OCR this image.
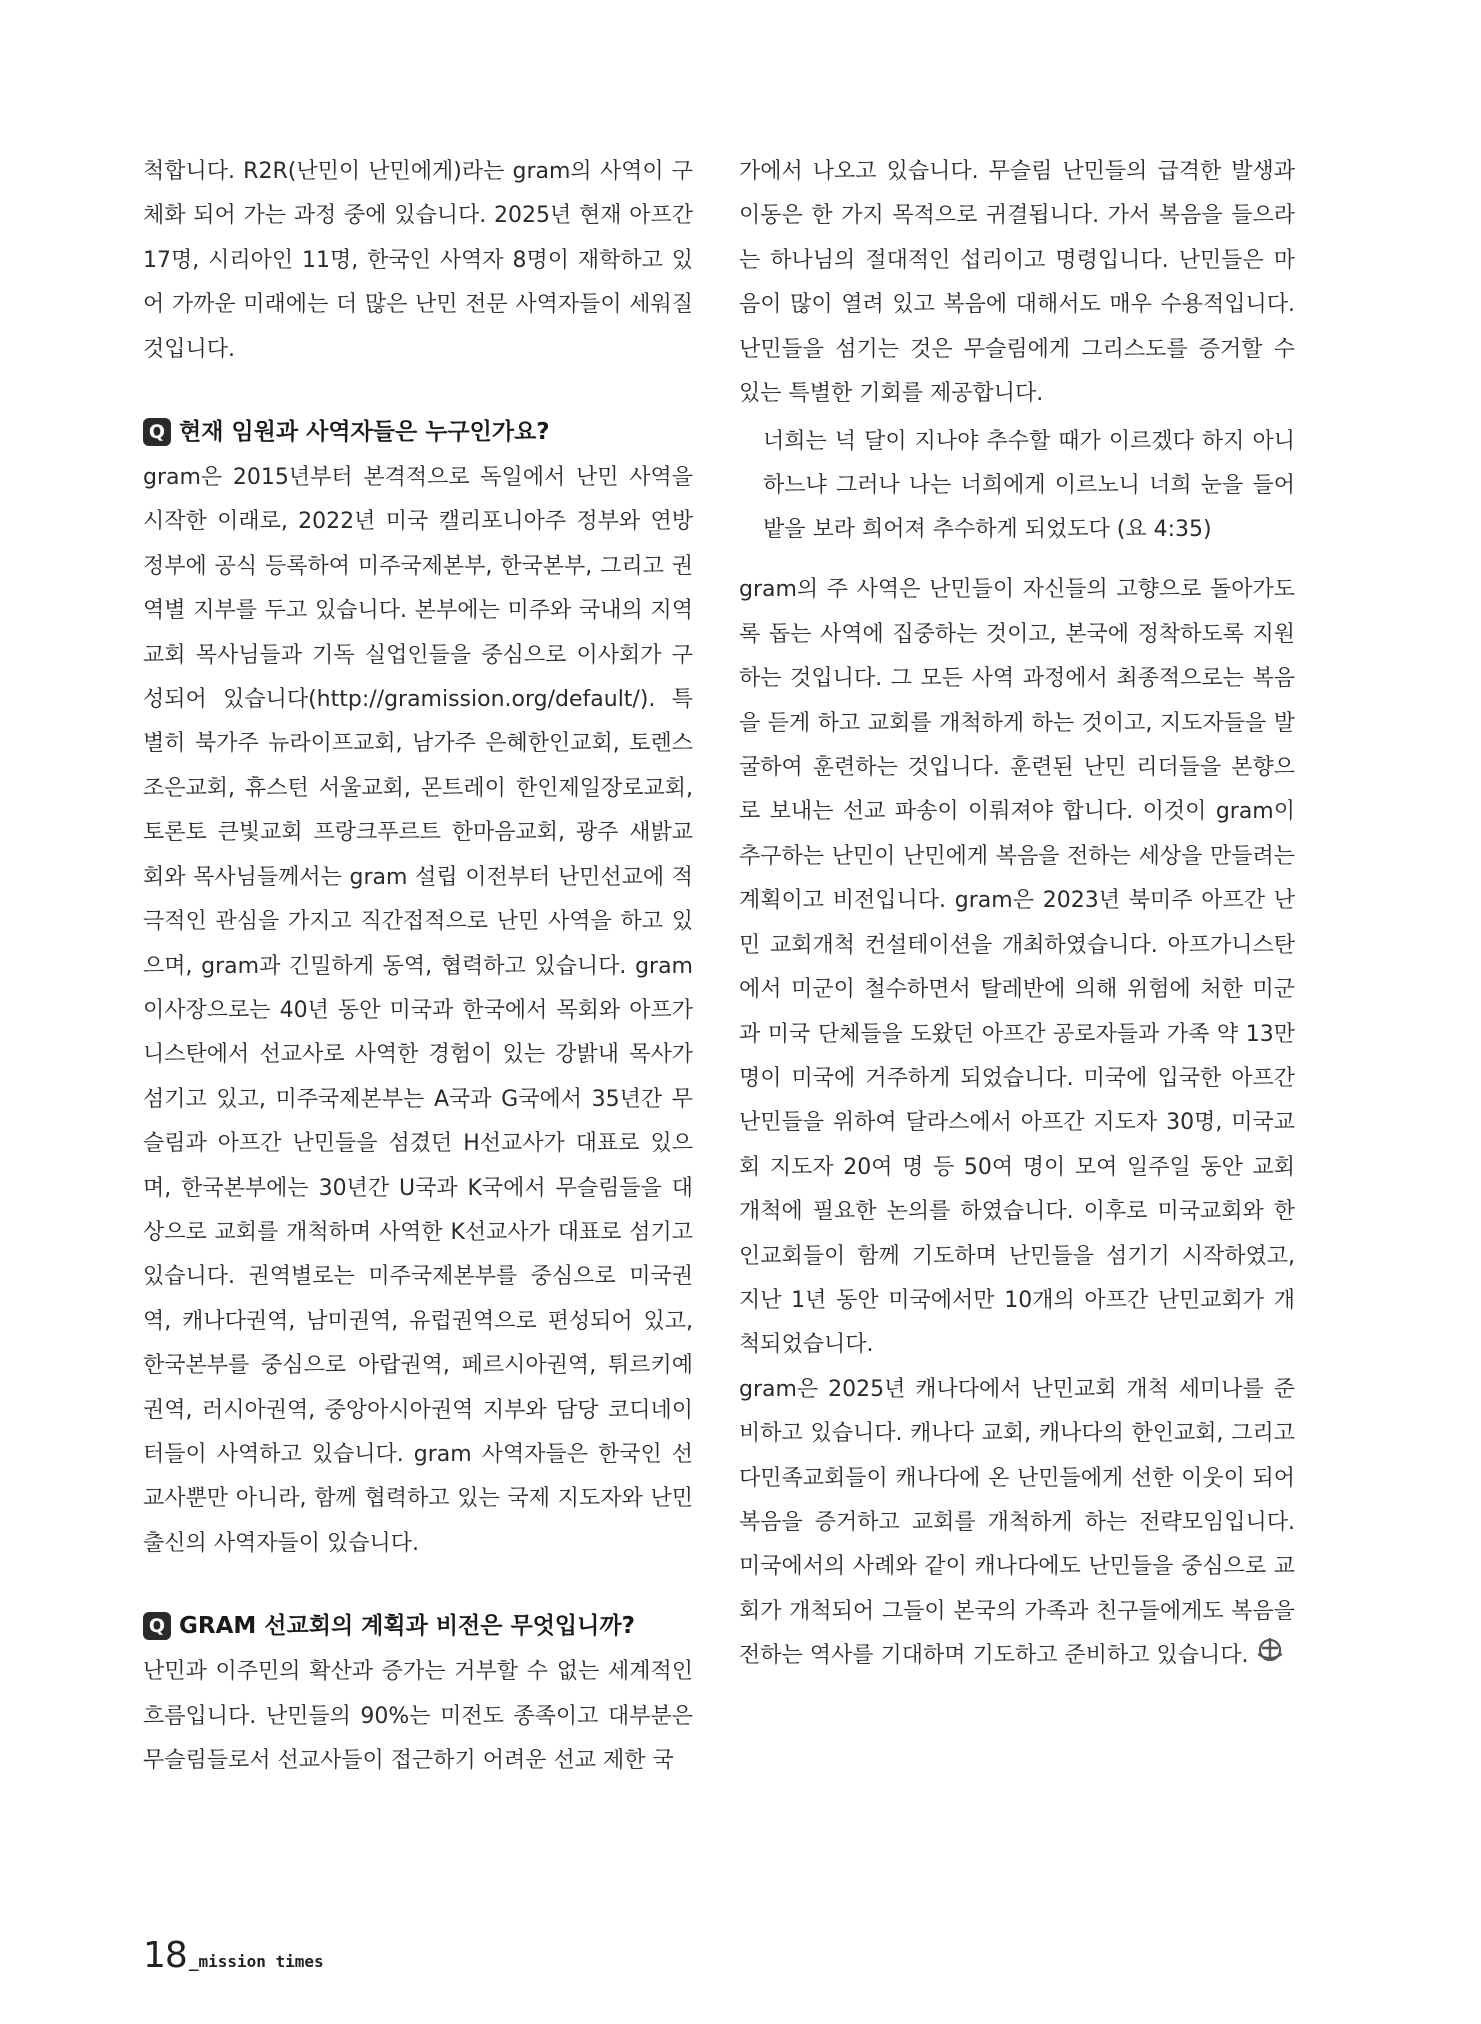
척합니다. R2R(난민이 난민에게)라는 gram의 사역이 구체화 되어 가는 과정 중에 있습니다. 2025년 현재 아프간 17명, 시리아인 11명, 한국인 사역자 8명이 재학하고 있어 가까운 미래에는 더 많은 난민 전문 사역자들이 세워질 것입니다.

Q 현재 임원과 사역자들은 누구인가요?

gram은 2015년부터 본격적으로 독일에서 난민 사역을 시작한 이래로, 2022년 미국 캘리포니아주 정부와 연방정부에 공식 등록하여 미주국제본부, 한국본부, 그리고 권역별 지부를 두고 있습니다. 본부에는 미주와 국내의 지역교회 목사님들과 기독 실업인들을 중심으로 이사회가 구성되어 있습니다(http://gramission.org/default/). 특별히 북가주 뉴라이프교회, 남가주 은혜한인교회, 토렌스 조은교회, 휴스턴 서울교회, 몬트레이 한인제일장로교회, 토론토 큰빛교회 프랑크푸르트 한마음교회, 광주 새밝교회와 목사님들께서는 gram 설립 이전부터 난민선교에 적극적인 관심을 가지고 직간접적으로 난민 사역을 하고 있으며, gram과 긴밀하게 동역, 협력하고 있습니다. gram 이사장으로는 40년 동안 미국과 한국에서 목회와 아프가니스탄에서 선교사로 사역한 경험이 있는 강밝내 목사가 섬기고 있고, 미주국제본부는 A국과 G국에서 35년간 무슬림과 아프간 난민들을 섬겼던 H선교사가 대표로 있으며, 한국본부에는 30년간 U국과 K국에서 무슬림들을 대상으로 교회를 개척하며 사역한 K선교사가 대표로 섬기고 있습니다. 권역별로는 미주국제본부를 중심으로 미국권역, 캐나다권역, 남미권역, 유럽권역으로 편성되어 있고, 한국본부를 중심으로 아랍권역, 페르시아권역, 튀르키예권역, 러시아권역, 중앙아시아권역 지부와 담당 코디네이터들이 사역하고 있습니다. gram 사역자들은 한국인 선교사뿐만 아니라, 함께 협력하고 있는 국제 지도자와 난민 출신의 사역자들이 있습니다.

Q GRAM 선교회의 계획과 비전은 무엇입니까?

난민과 이주민의 확산과 증가는 거부할 수 없는 세계적인 흐름입니다. 난민들의 90%는 미전도 종족이고 대부분은 무슬림들로서 선교사들이 접근하기 어려운 선교 제한 국

가에서 나오고 있습니다. 무슬림 난민들의 급격한 발생과 이동은 한 가지 목적으로 귀결됩니다. 가서 복음을 들으라는 하나님의 절대적인 섭리이고 명령입니다. 난민들은 마음이 많이 열려 있고 복음에 대해서도 매우 수용적입니다. 난민들을 섬기는 것은 무슬림에게 그리스도를 증거할 수 있는 특별한 기회를 제공합니다.

너희는 넉 달이 지나야 추수할 때가 이르겠다 하지 아니하느냐 그러나 나는 너희에게 이르노니 너희 눈을 들어 밭을 보라 희어져 추수하게 되었도다 (요 4:35)

gram의 주 사역은 난민들이 자신들의 고향으로 돌아가도록 돕는 사역에 집중하는 것이고, 본국에 정착하도록 지원하는 것입니다. 그 모든 사역 과정에서 최종적으로는 복음을 듣게 하고 교회를 개척하게 하는 것이고, 지도자들을 발굴하여 훈련하는 것입니다. 훈련된 난민 리더들을 본향으로 보내는 선교 파송이 이뤄져야 합니다. 이것이 gram이 추구하는 난민이 난민에게 복음을 전하는 세상을 만들려는 계획이고 비전입니다. gram은 2023년 북미주 아프간 난민 교회개척 컨설테이션을 개최하였습니다. 아프가니스탄에서 미군이 철수하면서 탈레반에 의해 위험에 처한 미군과 미국 단체들을 도왔던 아프간 공로자들과 가족 약 13만 명이 미국에 거주하게 되었습니다. 미국에 입국한 아프간 난민들을 위하여 달라스에서 아프간 지도자 30명, 미국교회 지도자 20여 명 등 50여 명이 모여 일주일 동안 교회 개척에 필요한 논의를 하였습니다. 이후로 미국교회와 한인교회들이 함께 기도하며 난민들을 섬기기 시작하였고, 지난 1년 동안 미국에서만 10개의 아프간 난민교회가 개척되었습니다.

gram은 2025년 캐나다에서 난민교회 개척 세미나를 준비하고 있습니다. 캐나다 교회, 캐나다의 한인교회, 그리고 다민족교회들이 캐나다에 온 난민들에게 선한 이웃이 되어 복음을 증거하고 교회를 개척하게 하는 전략모임입니다. 미국에서의 사례와 같이 캐나다에도 난민들을 중심으로 교회가 개척되어 그들이 본국의 가족과 친구들에게도 복음을 전하는 역사를 기대하며 기도하고 준비하고 있습니다.

18 _mission times
